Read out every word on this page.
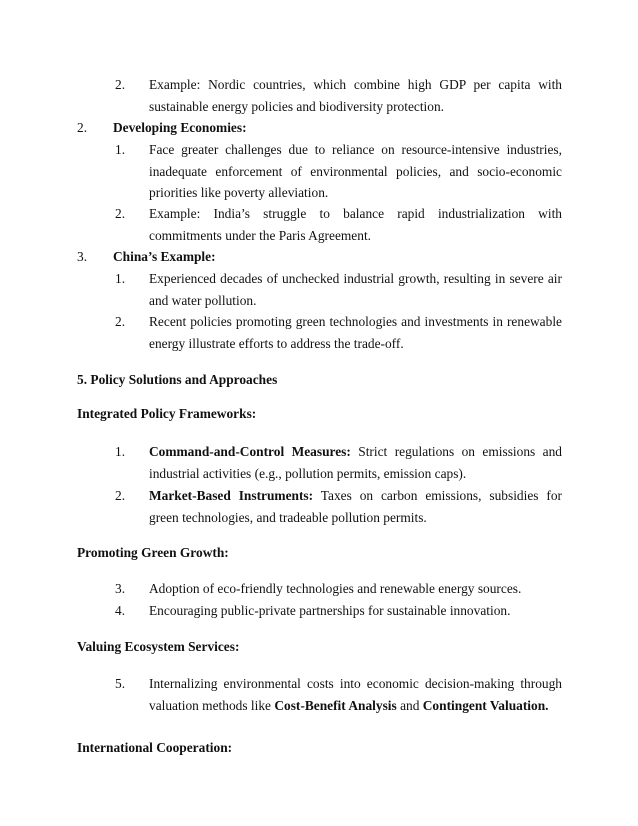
2.	Example: Nordic countries, which combine high GDP per capita with sustainable energy policies and biodiversity protection.
2.	Developing Economies:
1.	Face greater challenges due to reliance on resource-intensive industries, inadequate enforcement of environmental policies, and socio-economic priorities like poverty alleviation.
2.	Example: India’s struggle to balance rapid industrialization with commitments under the Paris Agreement.
3.	China’s Example:
1.	Experienced decades of unchecked industrial growth, resulting in severe air and water pollution.
2.	Recent policies promoting green technologies and investments in renewable energy illustrate efforts to address the trade-off.
5. Policy Solutions and Approaches
Integrated Policy Frameworks:
1.	Command-and-Control Measures: Strict regulations on emissions and industrial activities (e.g., pollution permits, emission caps).
2.	Market-Based Instruments: Taxes on carbon emissions, subsidies for green technologies, and tradeable pollution permits.
Promoting Green Growth:
3.	Adoption of eco-friendly technologies and renewable energy sources.
4.	Encouraging public-private partnerships for sustainable innovation.
Valuing Ecosystem Services:
5.	Internalizing environmental costs into economic decision-making through valuation methods like Cost-Benefit Analysis and Contingent Valuation.
International Cooperation:
